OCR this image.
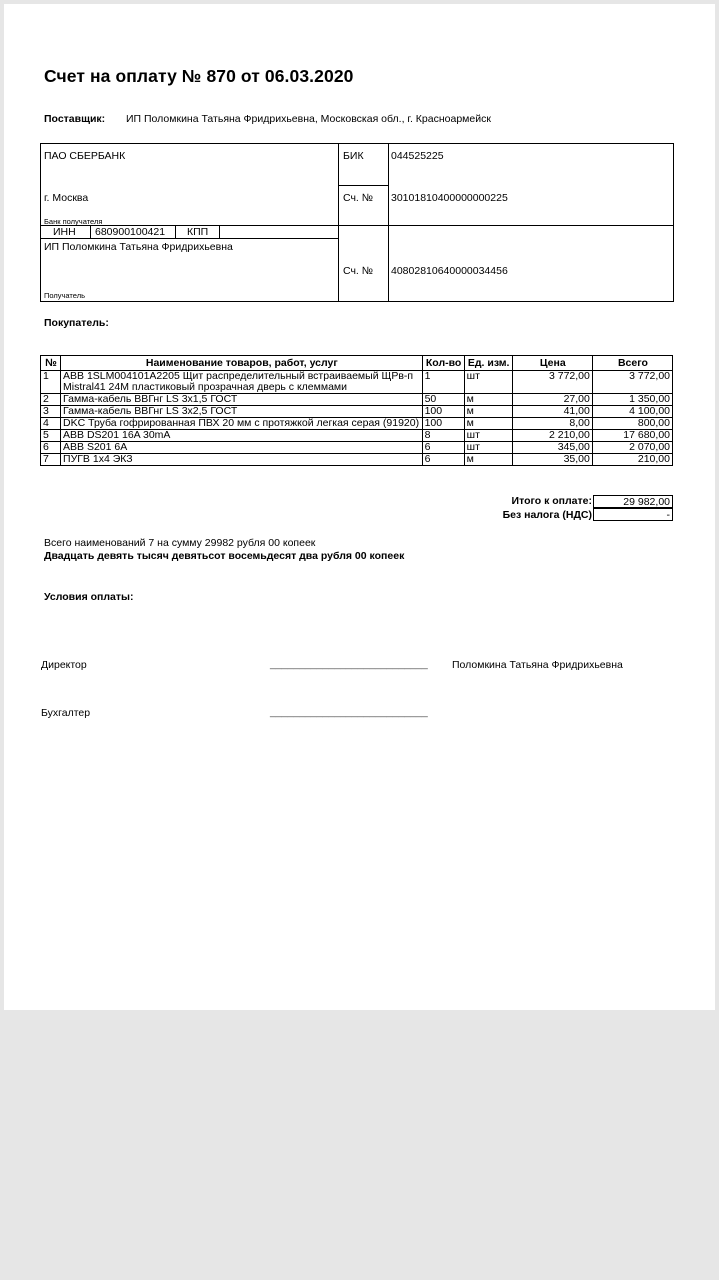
Счет на оплату № 870 от 06.03.2020
Поставщик: ИП Поломкина Татьяна Фридрихьевна, Московская обл., г. Красноармейск
ПАО СБЕРБАНК
г. Москва
Банк получателя
БИК	044525225
Сч. № 30101810400000000225
ИНН 680900100421 КПП
ИП Поломкина Татьяна Фридрихьевна
Сч. № 40802810640000034456
Получатель
Покупатель:
№	Наименование товаров, работ, услуг	Кол-во	Ед. изм.	Цена	Всего
1	ABB 1SLM004101A2205 Щит распределительный встраиваемый ЩРв-п Mistral41 24М пластиковый прозрачная дверь с клеммами	1	шт	3 772,00	3 772,00
2	Гамма-кабель ВВГнг LS 3х1,5 ГОСТ	50	м	27,00	1 350,00
3	Гамма-кабель ВВГнг LS 3х2,5 ГОСТ	100	м	41,00	4 100,00
4	DKC Труба гофрированная ПВХ 20 мм с протяжкой легкая серая (91920)	100	м	8,00	800,00
5	ABB DS201 16A 30mA	8	шт	2 210,00	17 680,00
6	ABB S201 6A	6	шт	345,00	2 070,00
7	ПУГВ 1х4 ЭКЗ	6	м	35,00	210,00
Итого к оплате:	29 982,00
Без налога (НДС)	-
Всего наименований 7 на сумму 29982 рубля 00 копеек
Двадцать девять тысяч девятьсот восемьдесят два рубля 00 копеек
Условия оплаты:
Директор	___________________________ Поломкина Татьяна Фридрихьевна
Бухгалтер	___________________________
